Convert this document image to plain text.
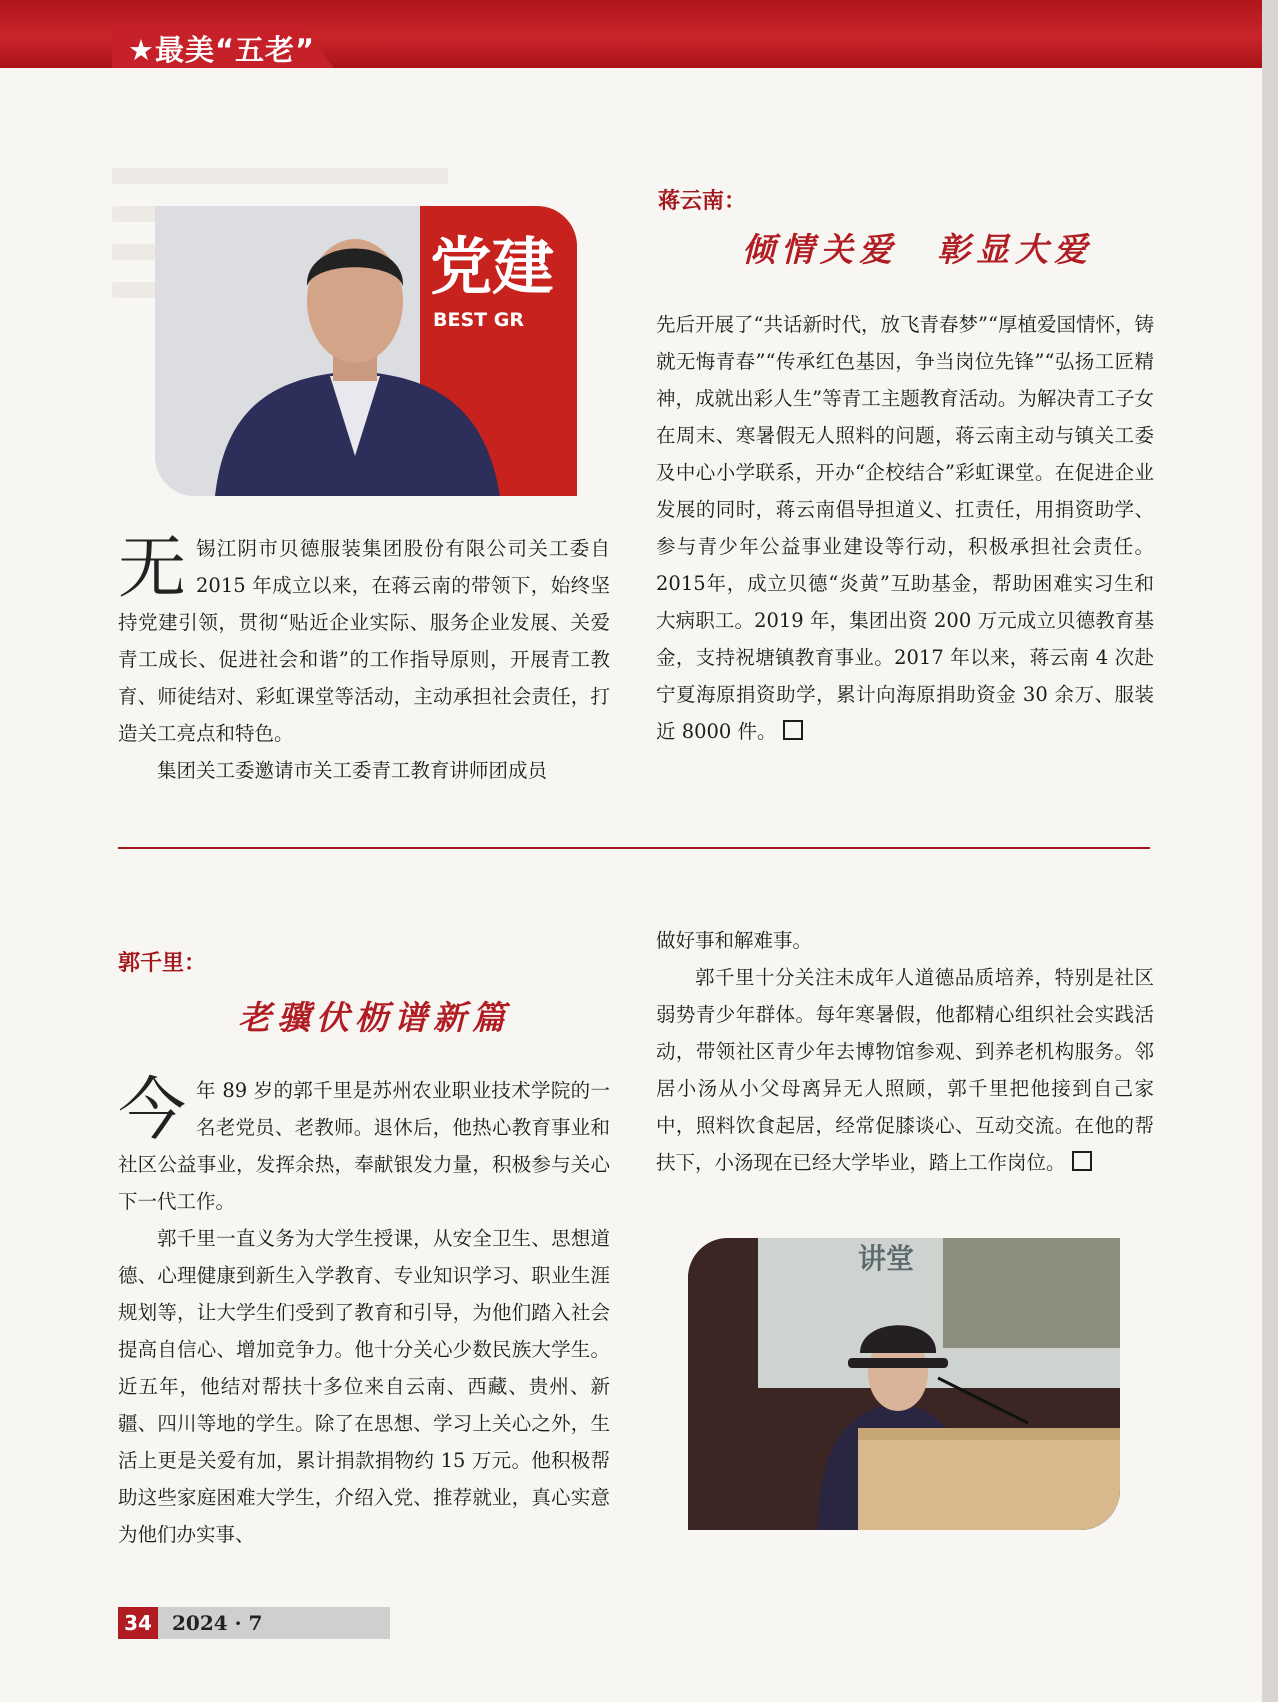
★最美“五老”
党建
BEST GR
蒋云南：
倾情关爱　彰显大爱

无锡江阴市贝德服装集团股份有限公司关工委自 2015 年成立以来，在蒋云南的带领下，始终坚持党建引领，贯彻“贴近企业实际、服务企业发展、关爱青工成长、促进社会和谐”的工作指导原则，开展青工教育、师徒结对、彩虹课堂等活动，主动承担社会责任，打造关工亮点和特色。

集团关工委邀请市关工委青工教育讲师团成员

先后开展了“共话新时代，放飞青春梦”“厚植爱国情怀，铸就无悔青春”“传承红色基因，争当岗位先锋”“弘扬工匠精神，成就出彩人生”等青工主题教育活动。为解决青工子女在周末、寒暑假无人照料的问题，蒋云南主动与镇关工委及中心小学联系，开办“企校结合”彩虹课堂。在促进企业发展的同时，蒋云南倡导担道义、扛责任，用捐资助学、参与青少年公益事业建设等行动，积极承担社会责任。2015年，成立贝德“炎黄”互助基金，帮助困难实习生和大病职工。2019 年，集团出资 200 万元成立贝德教育基金，支持祝塘镇教育事业。2017 年以来，蒋云南 4 次赴宁夏海原捐资助学，累计向海原捐助资金 30 余万、服装近 8000 件。

郭千里：
老骥伏枥谱新篇

今年 89 岁的郭千里是苏州农业职业技术学院的一名老党员、老教师。退休后，他热心教育事业和社区公益事业，发挥余热，奉献银发力量，积极参与关心下一代工作。

郭千里一直义务为大学生授课，从安全卫生、思想道德、心理健康到新生入学教育、专业知识学习、职业生涯规划等，让大学生们受到了教育和引导，为他们踏入社会提高自信心、增加竞争力。他十分关心少数民族大学生。近五年，他结对帮扶十多位来自云南、西藏、贵州、新疆、四川等地的学生。除了在思想、学习上关心之外，生活上更是关爱有加，累计捐款捐物约 15 万元。他积极帮助这些家庭困难大学生，介绍入党、推荐就业，真心实意为他们办实事、

做好事和解难事。

郭千里十分关注未成年人道德品质培养，特别是社区弱势青少年群体。每年寒暑假，他都精心组织社会实践活动，带领社区青少年去博物馆参观、到养老机构服务。邻居小汤从小父母离异无人照顾，郭千里把他接到自己家中，照料饮食起居，经常促膝谈心、互动交流。在他的帮扶下，小汤现在已经大学毕业，踏上工作岗位。

讲堂
34	2024 · 7
